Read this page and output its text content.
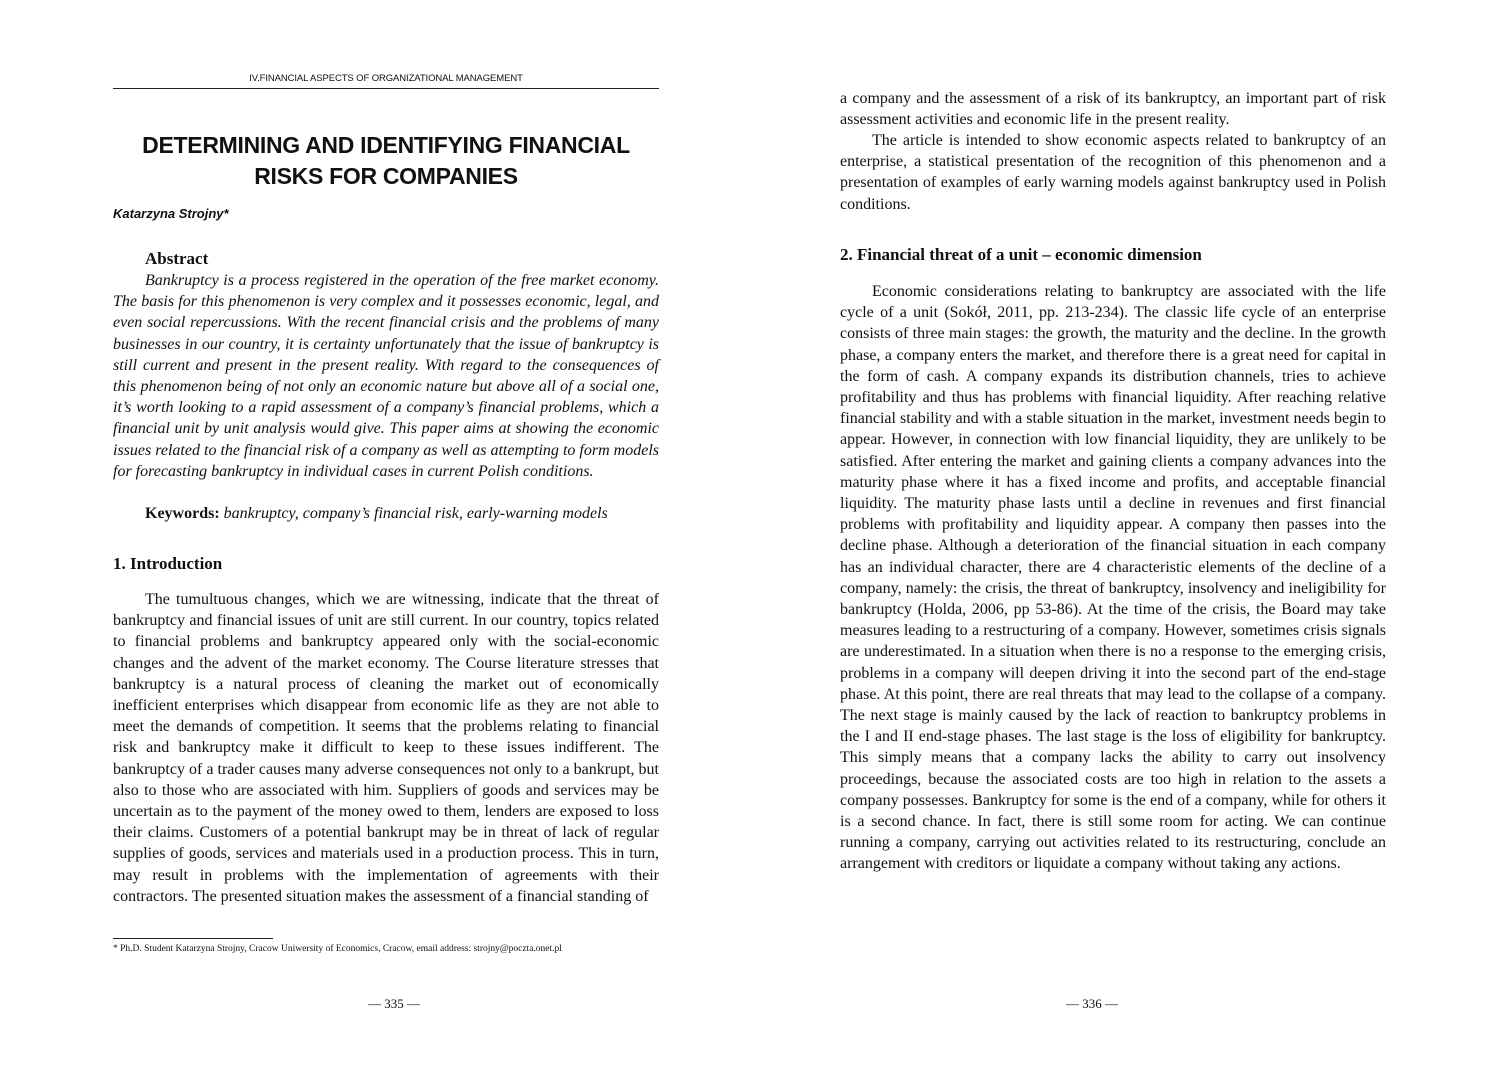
IV.FINANCIAL ASPECTS OF ORGANIZATIONAL MANAGEMENT
DETERMINING AND IDENTIFYING FINANCIAL RISKS FOR COMPANIES

Katarzyna Strojny*

Abstract

Bankruptcy is a process registered in the operation of the free market economy. The basis for this phenomenon is very complex and it possesses economic, legal, and even social repercussions. With the recent financial crisis and the problems of many businesses in our country, it is certainty unfortunately that the issue of bankruptcy is still current and present in the present reality. With regard to the consequences of this phenomenon being of not only an economic nature but above all of a social one, it’s worth looking to a rapid assessment of a company’s financial problems, which a financial unit by unit analysis would give. This paper aims at showing the economic issues related to the financial risk of a company as well as attempting to form models for forecasting bankruptcy in individual cases in current Polish conditions.

Keywords: bankruptcy, company’s financial risk, early-warning models

1. Introduction

The tumultuous changes, which we are witnessing, indicate that the threat of bankruptcy and financial issues of unit are still current. In our country, topics related to financial problems and bankruptcy appeared only with the social-economic changes and the advent of the market economy. The Course literature stresses that bankruptcy is a natural process of cleaning the market out of economically inefficient enterprises which disappear from economic life as they are not able to meet the demands of competition. It seems that the problems relating to financial risk and bankruptcy make it difficult to keep to these issues indifferent. The bankruptcy of a trader causes many adverse consequences not only to a bankrupt, but also to those who are associated with him. Suppliers of goods and services may be uncertain as to the payment of the money owed to them, lenders are exposed to loss their claims. Customers of a potential bankrupt may be in threat of lack of regular supplies of goods, services and materials used in a production process. This in turn, may result in problems with the implementation of agreements with their contractors. The presented situation makes the assessment of a financial standing of

* Ph.D. Student Katarzyna Strojny, Cracow Uniwersity of Economics, Cracow, email address: strojny@poczta.onet.pl

— 335 —

a company and the assessment of a risk of its bankruptcy, an important part of risk assessment activities and economic life in the present reality.

The article is intended to show economic aspects related to bankruptcy of an enterprise, a statistical presentation of the recognition of this phenomenon and a presentation of examples of early warning models against bankruptcy used in Polish conditions.

2. Financial threat of a unit – economic dimension

Economic considerations relating to bankruptcy are associated with the life cycle of a unit (Sokół, 2011, pp. 213-234). The classic life cycle of an enterprise consists of three main stages: the growth, the maturity and the decline. In the growth phase, a company enters the market, and therefore there is a great need for capital in the form of cash. A company expands its distribution channels, tries to achieve profitability and thus has problems with financial liquidity. After reaching relative financial stability and with a stable situation in the market, investment needs begin to appear. However, in connection with low financial liquidity, they are unlikely to be satisfied. After entering the market and gaining clients a company advances into the maturity phase where it has a fixed income and profits, and acceptable financial liquidity. The maturity phase lasts until a decline in revenues and first financial problems with profitability and liquidity appear. A company then passes into the decline phase. Although a deterioration of the financial situation in each company has an individual character, there are 4 characteristic elements of the decline of a company, namely: the crisis, the threat of bankruptcy, insolvency and ineligibility for bankruptcy (Holda, 2006, pp 53-86). At the time of the crisis, the Board may take measures leading to a restructuring of a company. However, sometimes crisis signals are underestimated. In a situation when there is no a response to the emerging crisis, problems in a company will deepen driving it into the second part of the end-stage phase. At this point, there are real threats that may lead to the collapse of a company. The next stage is mainly caused by the lack of reaction to bankruptcy problems in the I and II end-stage phases. The last stage is the loss of eligibility for bankruptcy. This simply means that a company lacks the ability to carry out insolvency proceedings, because the associated costs are too high in relation to the assets a company possesses. Bankruptcy for some is the end of a company, while for others it is a second chance. In fact, there is still some room for acting. We can continue running a company, carrying out activities related to its restructuring, conclude an arrangement with creditors or liquidate a company without taking any actions.

— 336 —
